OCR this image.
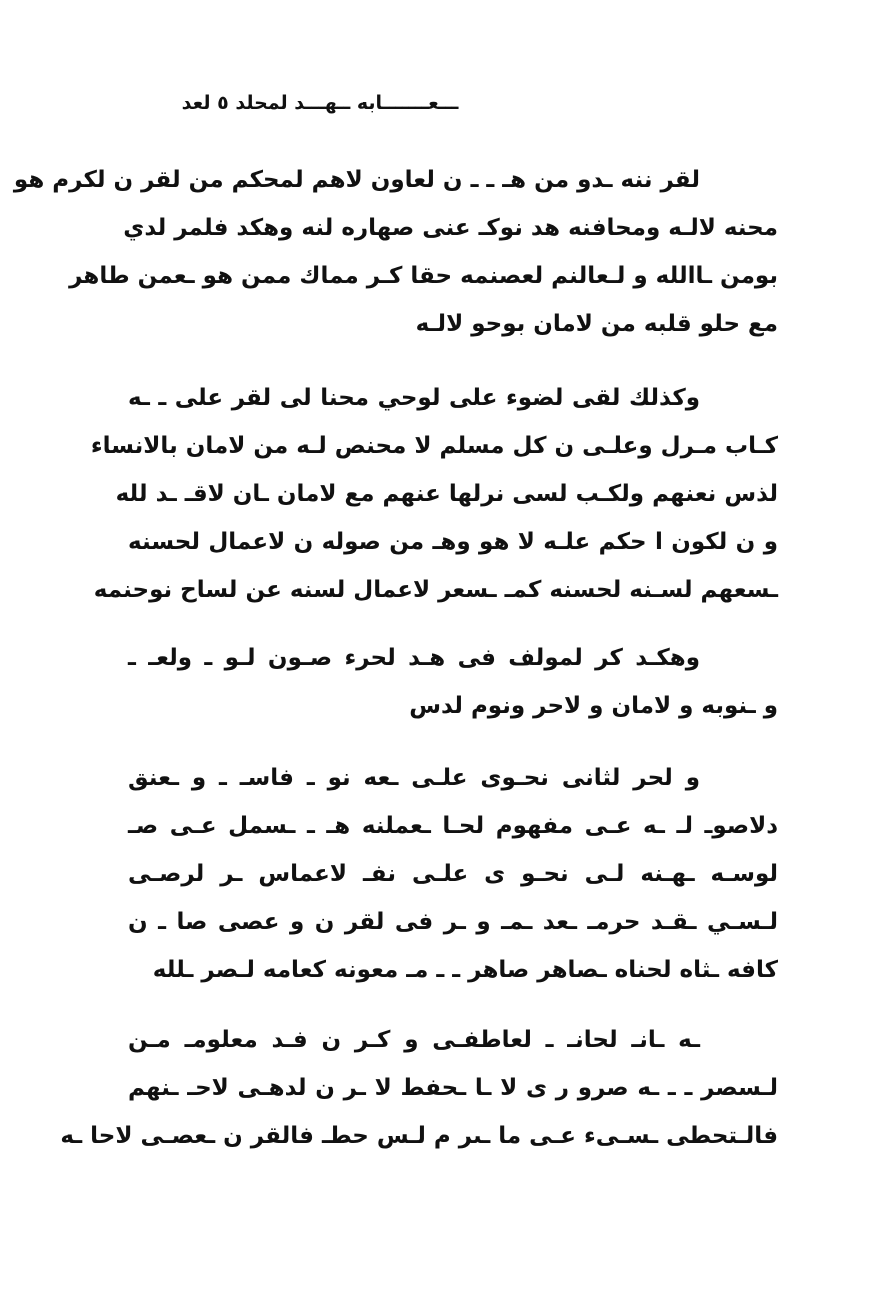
ـــعـــــــابه ــهـــد لمحلد ٥ لعد
لقر ننه ـدو من هـ ـ ـ ن لعاون لاهم لمحكم من لقر ن لكرم هو
محنه لالـه ومحافنه هد نوكـ عنى صهاره لنه وهكد فلمر لدي
بومن ـاالله و لـعالنم لعصنمه حقا كـر مماك ممن هو ـعمن طاهر
مع حلو قلبه من لامان بوحو لالـه
وكذلك لقى لضوء على لوحي محنا لى لقر على ـ ـه
كـاب مـرل وعلـى ن كل مسلم لا محنص لـه من لامان بالانساء
لذس نعنهم ولكـب لسى نرلها عنهم مع لامان ـان لاقـ ـد لله
و ن لكون ا حكم علـه لا هو وهـ من صوله ن لاعمال لحسنه
ـسعهم لسـنه لحسنه كمـ ـسعر لاعمال لسنه عن لساح نوحنمه
وهكـد كر لمولف فى هـد لحرء صـون لـو ـ ولعـ ـ
و ـنوبه و لامان و لاحر ونوم لدس
و لحر لثانى نحـوى علـى ـعه نو ـ فاسـ ـ و ـعنق
دلاصوـ لـ ـه عـى مفهوم لحـا ـعملنه هـ ـ ـسمل عـى صـ
لوسـه ـهـنه لـى نحـو ى علـى نفـ لاعماس ـر لرصـى
لـسـي ـقـد حرمـ ـعد ـمـ و ـر فى لقر ن و عصى صا ـ ن
كافه ـثاه لحناه ـصاهر صاهر ـ ـ مـ معونه كعامه لـصر ـلله
ـه ـانـ لحانـ ـ لعاطفـى و كـر ن فـد معلومـ مـن
لـسصر ـ ـ ـه صرو ر ى لا ـا ـحفط لا ـر ن لدهـى لاحـ ـنهم
فالـتحطى ـسـىء عـى ما ـىر م لـس حطـ فالقر ن ـعصـى لاحا ـه
